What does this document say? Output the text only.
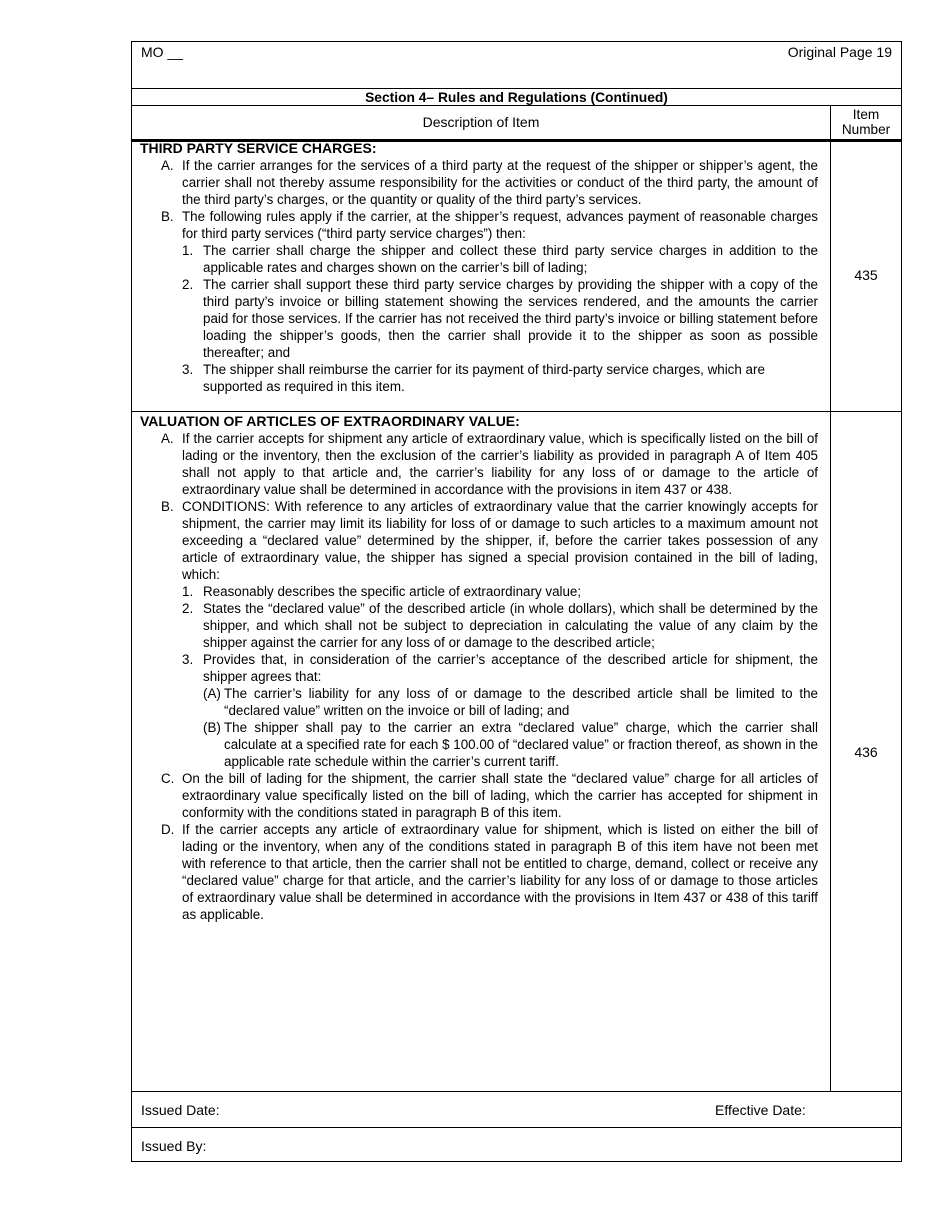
MO __	Original Page 19
Section 4– Rules and Regulations (Continued)
Description of Item	Item
Number
THIRD PARTY SERVICE CHARGES:
A. If the carrier arranges for the services of a third party at the request of the shipper or shipper’s agent, the carrier shall not thereby assume responsibility for the activities or conduct of the third party, the amount of the third party’s charges, or the quantity or quality of the third party’s services.
B. The following rules apply if the carrier, at the shipper’s request, advances payment of reasonable charges for third party services (“third party service charges”) then:
1. The carrier shall charge the shipper and collect these third party service charges in addition to the applicable rates and charges shown on the carrier’s bill of lading;
2. The carrier shall support these third party service charges by providing the shipper with a copy of the third party’s invoice or billing statement showing the services rendered, and the amounts the carrier paid for those services. If the carrier has not received the third party’s invoice or billing statement before loading the shipper’s goods, then the carrier shall provide it to the shipper as soon as possible thereafter; and
3. The shipper shall reimburse the carrier for its payment of third-party service charges, which are supported as required in this item.
435
VALUATION OF ARTICLES OF EXTRAORDINARY VALUE:
A. If the carrier accepts for shipment any article of extraordinary value, which is specifically listed on the bill of lading or the inventory, then the exclusion of the carrier’s liability as provided in paragraph A of Item 405 shall not apply to that article and, the carrier’s liability for any loss of or damage to the article of extraordinary value shall be determined in accordance with the provisions in item 437 or 438.
B. CONDITIONS: With reference to any articles of extraordinary value that the carrier knowingly accepts for shipment, the carrier may limit its liability for loss of or damage to such articles to a maximum amount not exceeding a “declared value” determined by the shipper, if, before the carrier takes possession of any article of extraordinary value, the shipper has signed a special provision contained in the bill of lading, which:
1. Reasonably describes the specific article of extraordinary value;
2. States the “declared value” of the described article (in whole dollars), which shall be determined by the shipper, and which shall not be subject to depreciation in calculating the value of any claim by the shipper against the carrier for any loss of or damage to the described article;
3. Provides that, in consideration of the carrier’s acceptance of the described article for shipment, the shipper agrees that:
(A) The carrier’s liability for any loss of or damage to the described article shall be limited to the “declared value” written on the invoice or bill of lading; and
(B) The shipper shall pay to the carrier an extra “declared value” charge, which the carrier shall calculate at a specified rate for each $ 100.00 of “declared value” or fraction thereof, as shown in the applicable rate schedule within the carrier’s current tariff.
C. On the bill of lading for the shipment, the carrier shall state the “declared value” charge for all articles of extraordinary value specifically listed on the bill of lading, which the carrier has accepted for shipment in conformity with the conditions stated in paragraph B of this item.
D. If the carrier accepts any article of extraordinary value for shipment, which is listed on either the bill of lading or the inventory, when any of the conditions stated in paragraph B of this item have not been met with reference to that article, then the carrier shall not be entitled to charge, demand, collect or receive any “declared value” charge for that article, and the carrier’s liability for any loss of or damage to those articles of extraordinary value shall be determined in accordance with the provisions in Item 437 or 438 of this tariff as applicable.
436
Issued Date:	Effective Date:
Issued By:
